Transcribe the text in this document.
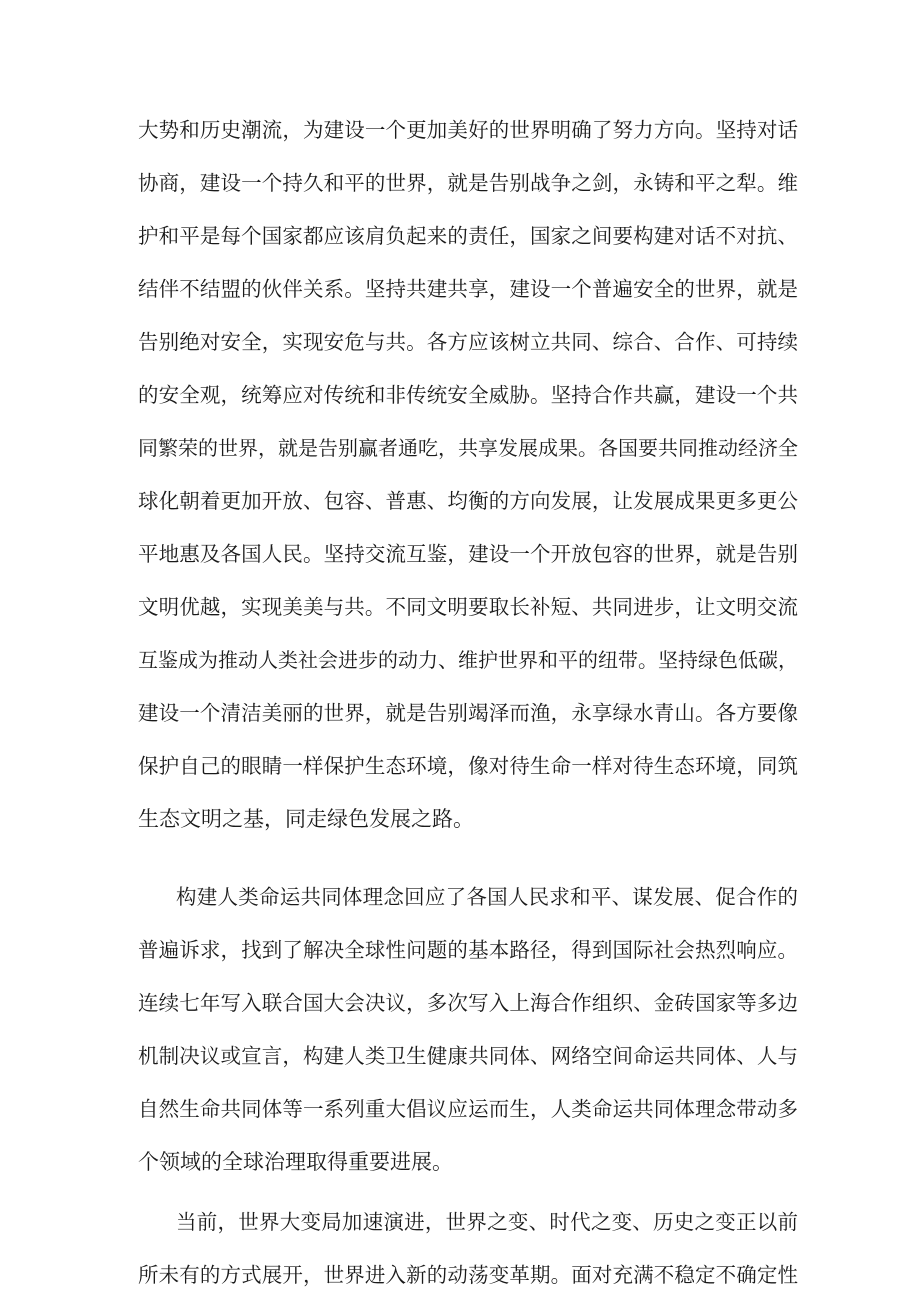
大势和历史潮流，为建设一个更加美好的世界明确了努力方向。坚持对话
协商，建设一个持久和平的世界，就是告别战争之剑，永铸和平之犁。维
护和平是每个国家都应该肩负起来的责任，国家之间要构建对话不对抗、
结伴不结盟的伙伴关系。坚持共建共享，建设一个普遍安全的世界，就是
告别绝对安全，实现安危与共。各方应该树立共同、综合、合作、可持续
的安全观，统筹应对传统和非传统安全威胁。坚持合作共赢，建设一个共
同繁荣的世界，就是告别赢者通吃，共享发展成果。各国要共同推动经济全
球化朝着更加开放、包容、普惠、均衡的方向发展，让发展成果更多更公
平地惠及各国人民。坚持交流互鉴，建设一个开放包容的世界，就是告别
文明优越，实现美美与共。不同文明要取长补短、共同进步，让文明交流
互鉴成为推动人类社会进步的动力、维护世界和平的纽带。坚持绿色低碳，
建设一个清洁美丽的世界，就是告别竭泽而渔，永享绿水青山。各方要像
保护自己的眼睛一样保护生态环境，像对待生命一样对待生态环境，同筑
生态文明之基，同走绿色发展之路。
构建人类命运共同体理念回应了各国人民求和平、谋发展、促合作的
普遍诉求，找到了解决全球性问题的基本路径，得到国际社会热烈响应。
连续七年写入联合国大会决议，多次写入上海合作组织、金砖国家等多边
机制决议或宣言，构建人类卫生健康共同体、网络空间命运共同体、人与
自然生命共同体等一系列重大倡议应运而生，人类命运共同体理念带动多
个领域的全球治理取得重要进展。
当前，世界大变局加速演进，世界之变、时代之变、历史之变正以前
所未有的方式展开，世界进入新的动荡变革期。面对充满不稳定不确定性
